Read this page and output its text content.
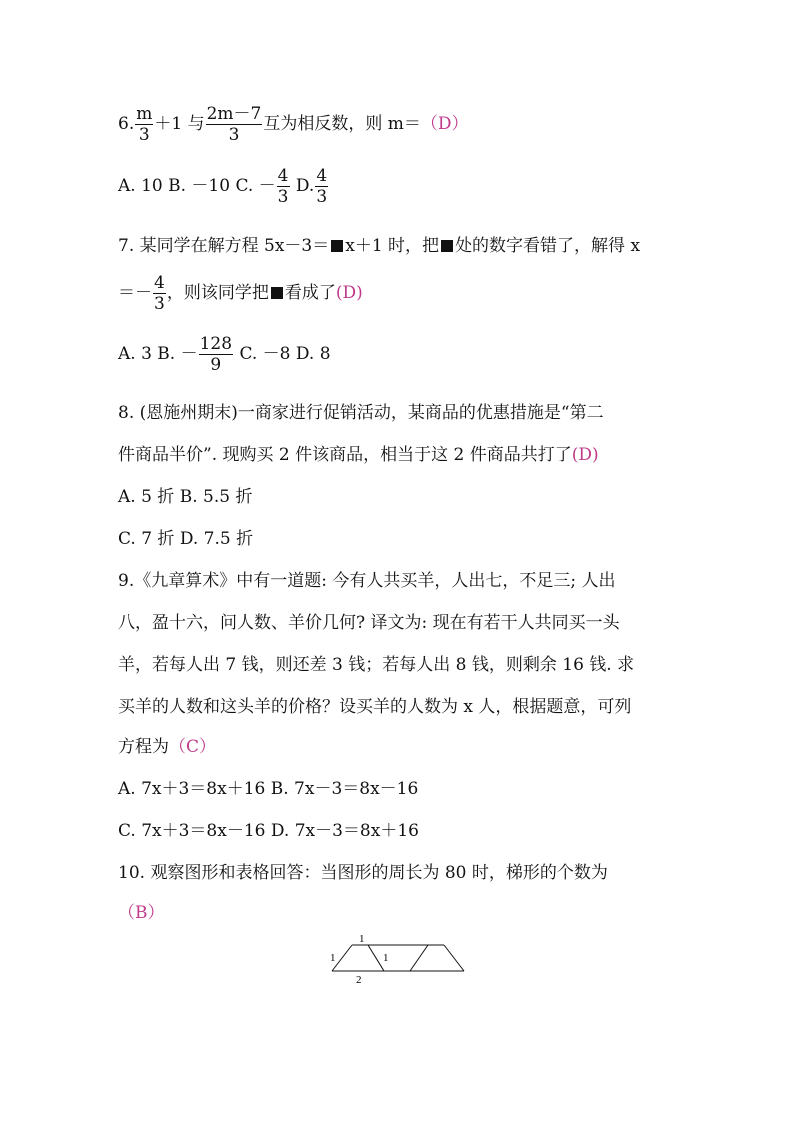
6. $\frac{m}{3} +1$ 与 $\frac{2m-7}{3}$ 互为相反数，则 m＝（D）
A. 10 B. －10 C. － $\frac{4}{3} D$. $\frac{4}{3}$
7. 某同学在解方程 5x－3＝ x＋1 时，把 处的数字看错了，解得 x
＝－ $\frac{4}{3}$ ，则该同学把 看成了(D)
A. 3 B. － $\frac{128}{9} C$. －8 D. 8
8. (恩施州期末)一商家进行促销活动，某商品的优惠措施是“第二
件商品半价”. 现购买 2 件该商品，相当于这 2 件商品共打了(D)
A. 5 折 B. 5.5 折
C. 7 折 D. 7.5 折
9.《九章算术》中有一道题: 今有人共买羊，人出七，不足三; 人出
八，盈十六，问人数、羊价几何? 译文为: 现在有若干人共同买一头
羊，若每人出 7 钱，则还差 3 钱；若每人出 8 钱，则剩余 16 钱. 求
买羊的人数和这头羊的价格？设买羊的人数为 x 人，根据题意，可列
方程为（C）
A. 7x＋3＝8x＋16 B. 7x－3＝8x－16
C. 7x＋3＝8x－16 D. 7x－3＝8x＋16
10. 观察图形和表格回答：当图形的周长为 80 时，梯形的个数为
（B）
1
1	1
2
